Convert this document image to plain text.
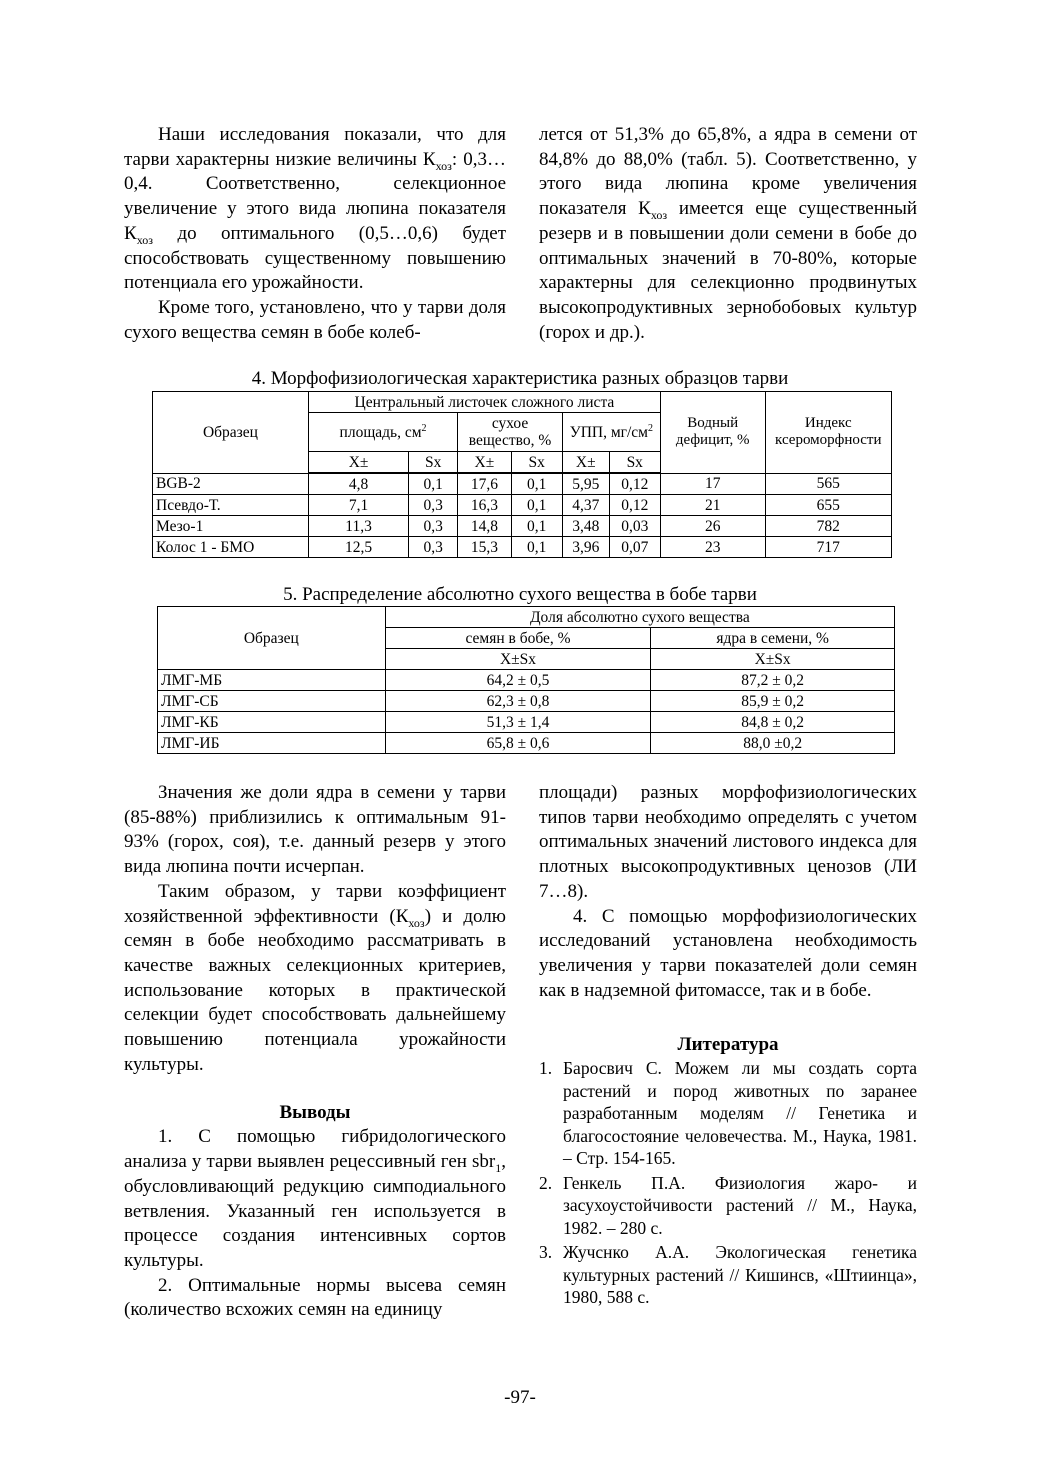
Наши исследования показали, что для тарви характерны низкие величины $К_{хоз}$: 0,3…0,4. Соответственно, селекционное увеличение у этого вида люпина показателя $К_{хоз}$ до оптимального (0,5…0,6) будет способствовать существенному повышению потенциала его урожайности.

Кроме того, установлено, что у тарви доля сухого вещества семян в бобе колеб-

лется от 51,3% до 65,8%, а ядра в семени от 84,8% до 88,0% (табл. 5). Соответственно, у этого вида люпина кроме увеличения показателя $К_{хоз}$ имеется еще существенный резерв и в повышении доли семени в бобе до оптимальных значений в 70-80%, которые характерны для селекционно продвинутых высокопродуктивных зернобобовых культур (горох и др.).

4. Морфофизиологическая характеристика разных образцов тарви
Образец	Центральный листочек сложного листа						Водный дефицит, %	Индекс ксероморфности
	площадь, $см^2$		сухое вещество, %		УПП, $мг/см^2$
	X±	Sx	X±	Sx	X±	Sx		
BGB-2	4,8	0,1	17,6	0,1	5,95	0,12	17	565
Псевдо-Т.	7,1	0,3	16,3	0,1	4,37	0,12	21	655
Мезо-1	11,3	0,3	14,8	0,1	3,48	0,03	26	782
Колос 1 - БМО	12,5	0,3	15,3	0,1	3,96	0,07	23	717
5. Распределение абсолютно сухого вещества в бобе тарви
Образец	Доля абсолютно сухого вещества	
	семян в бобе, %	ядра в семени, %
	X±Sx	X±Sx
ЛМГ-МБ	64,2 ± 0,5	87,2 ± 0,2
ЛМГ-СБ	62,3 ± 0,8	85,9 ± 0,2
ЛМГ-КБ	51,3 ± 1,4	84,8 ± 0,2
ЛМГ-ИБ	65,8 ± 0,6	88,0 ±0,2

Значения же доли ядра в семени у тарви (85-88%) приблизились к оптимальным 91-93% (горох, соя), т.е. данный резерв у этого вида люпина почти исчерпан.

Таким образом, у тарви коэффициент хозяйственной эффективности $(К_{хоз})$ и долю семян в бобе необходимо рассматривать в качестве важных селекционных критериев, использование которых в практической селекции будет способствовать дальнейшему повышению потенциала урожайности культуры.

Выводы

1. С помощью гибридологического анализа у тарви выявлен рецессивный ген sbr$_1$, обусловливающий редукцию симподиального ветвления. Указанный ген используется в процессе создания интенсивных сортов культуры.

2. Оптимальные нормы высева семян (количество всхожих семян на единицу

площади) разных морфофизиологических типов тарви необходимо определять с учетом оптимальных значений листового индекса для плотных высокопродуктивных ценозов (ЛИ 7…8).

4. С помощью морфофизиологических исследований установлена необходимость увеличения у тарви показателей доли семян как в надземной фитомассе, так и в бобе.

Литература
1. Баросвич С. Можем ли мы создать сорта растений и пород животных по заранее разработанным моделям // Генетика и благосостояние человечества. М., Наука, 1981. – Стр. 154-165.
2. Генкель П.А. Физиология жаро- и засухоустойчивости растений // М., Наука, 1982. – 280 с.
3. Жучснко А.А. Экологическая генетика культурных растений // Кишинсв, «Штиинца», 1980, 588 с.
-97-
